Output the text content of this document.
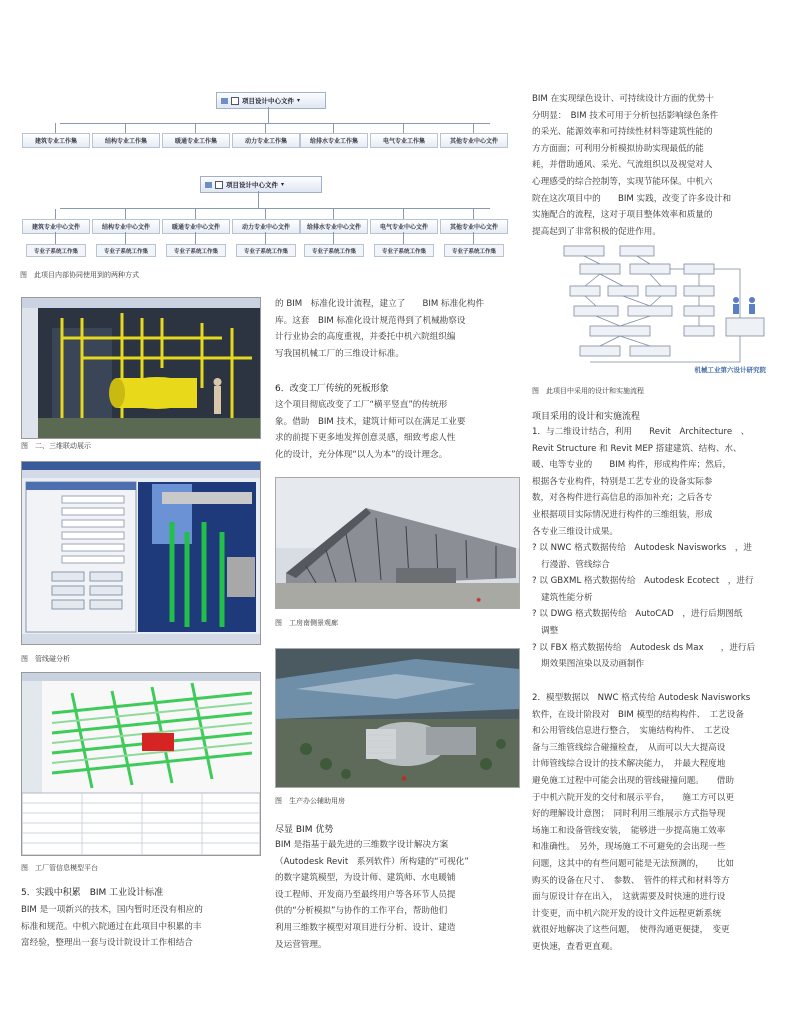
项目设计中心文件 ▾
项目设计中心文件 ▾
图　此项目内部协同使用到的两种方式
建筑专业工作集	结构专业工作集	暖通专业工作集	动力专业工作集	给排水专业工作集	电气专业工作集	其他专业中心文件
建筑专业中心文件
专业子系统工作集
结构专业中心文件
专业子系统工作集
暖通专业中心文件
专业子系统工作集
动力专业中心文件
专业子系统工作集
给排水专业中心文件
专业子系统工作集
电气专业中心文件
专业子系统工作集
其他专业中心文件
专业子系统工作集
图　二、三维联动展示
图　管线碰分析
图　工厂管信息模型平台
5．实践中积累　BIM 工业设计标准

BIM 是一项新兴的技术，国内暂时还没有相应的

标准和规范。中机六院通过在此项目中积累的丰

富经验，整理出一套与设计院设计工作相结合

的 BIM　标准化设计流程，建立了　　BIM 标准化构件

库。这套　BIM 标准化设计规范得到了机械勘察设

计行业协会的高度重视，并委托中机六院组织编

写我国机械工厂的三维设计标准。

6．改变工厂传统的死板形象

这个项目彻底改变了工厂“横平竖直”的传统形

象。借助　BIM 技术，建筑计师可以在满足工业要

求的前提下更多地发挥创意灵感，细致考虑人性

化的设计，充分体现“以人为本”的设计理念。

✺
图　工房南侧景观廊
✺
图　生产办公辅助用房
尽显 BIM 优势

BIM 是指基于最先进的三维数字设计解决方案

（Autodesk Revit　系列软件）所构建的“可视化”

的数字建筑模型，为设计师、建筑师、水电暖铺

设工程师、开发商乃至最终用户等各环节人员提

供的“分析模拟”与协作的工作平台，帮助他们

利用三维数字模型对项目进行分析、设计、建造

及运营管理。

BIM 在实现绿色设计、可持续设计方面的优势十

分明显：　BIM 技术可用于分析包括影响绿色条件

的采光、能源效率和可持续性材料等建筑性能的

方方面面；可利用分析模拟协助实现最低的能

耗，并借助通风、采光、气流组织以及视觉对人

心理感受的综合控制等，实现节能环保。中机六

院在这次项目中的　　BIM 实践，改变了许多设计和

实施配合的流程，这对于项目整体效率和质量的

提高起到了非常积极的促进作用。

机械工业第六设计研究院
图　此项目中采用的设计和实施流程
项目采用的设计和实施流程

1．与二维设计结合，利用　　Revit　Architecture　、

Revit Structure 和 Revit MEP 搭建建筑、结构、水、

暖、电等专业的　　BIM 构件，形成构件库；然后，

根据各专业构件，特别是工艺专业的设备实际参

数，对各构件进行高信息的添加补充；之后各专

业根据项目实际情况进行构件的三维组装，形成

各专业三维设计成果。

? 以 NWC 格式数据传给　Autodesk Navisworks　，进

行漫游、管线综合

? 以 GBXML 格式数据传给　Autodesk Ecotect　，进行

建筑性能分析

? 以 DWG 格式数据传给　AutoCAD　，进行后期图纸

调整

? 以 FBX 格式数据传给　Autodesk ds Max　　，进行后

期效果图渲染以及动画制作

2．模型数据以　NWC 格式传给 Autodesk Navisworks

软件，在设计阶段对　BIM 模型的结构构件、　工艺设备

和公用管线信息进行整合，　实施结构构件、　工艺设

备与三维管线综合碰撞检查，　从而可以大大提高设

计师管线综合设计的技术解决能力，　并最大程度地

避免施工过程中可能会出现的管线碰撞问题。　　借助

于中机六院开发的交付和展示平台，　　施工方可以更

好的理解设计意图；　同时利用三维展示方式指导现

场施工和设备管线安装，　能够进一步提高施工效率

和准确性。　另外，现场施工不可避免的会出现一些

问题，这其中的有些问题可能是无法预测的，　　比如

购买的设备在尺寸、　参数、　管件的样式和材料等方

面与原设计存在出入，　这就需要及时快速的进行设

计变更，而中机六院开发的设计文件远程更新系统

就很好地解决了这些问题，　使得沟通更便捷，　变更

更快速，查看更直观。
